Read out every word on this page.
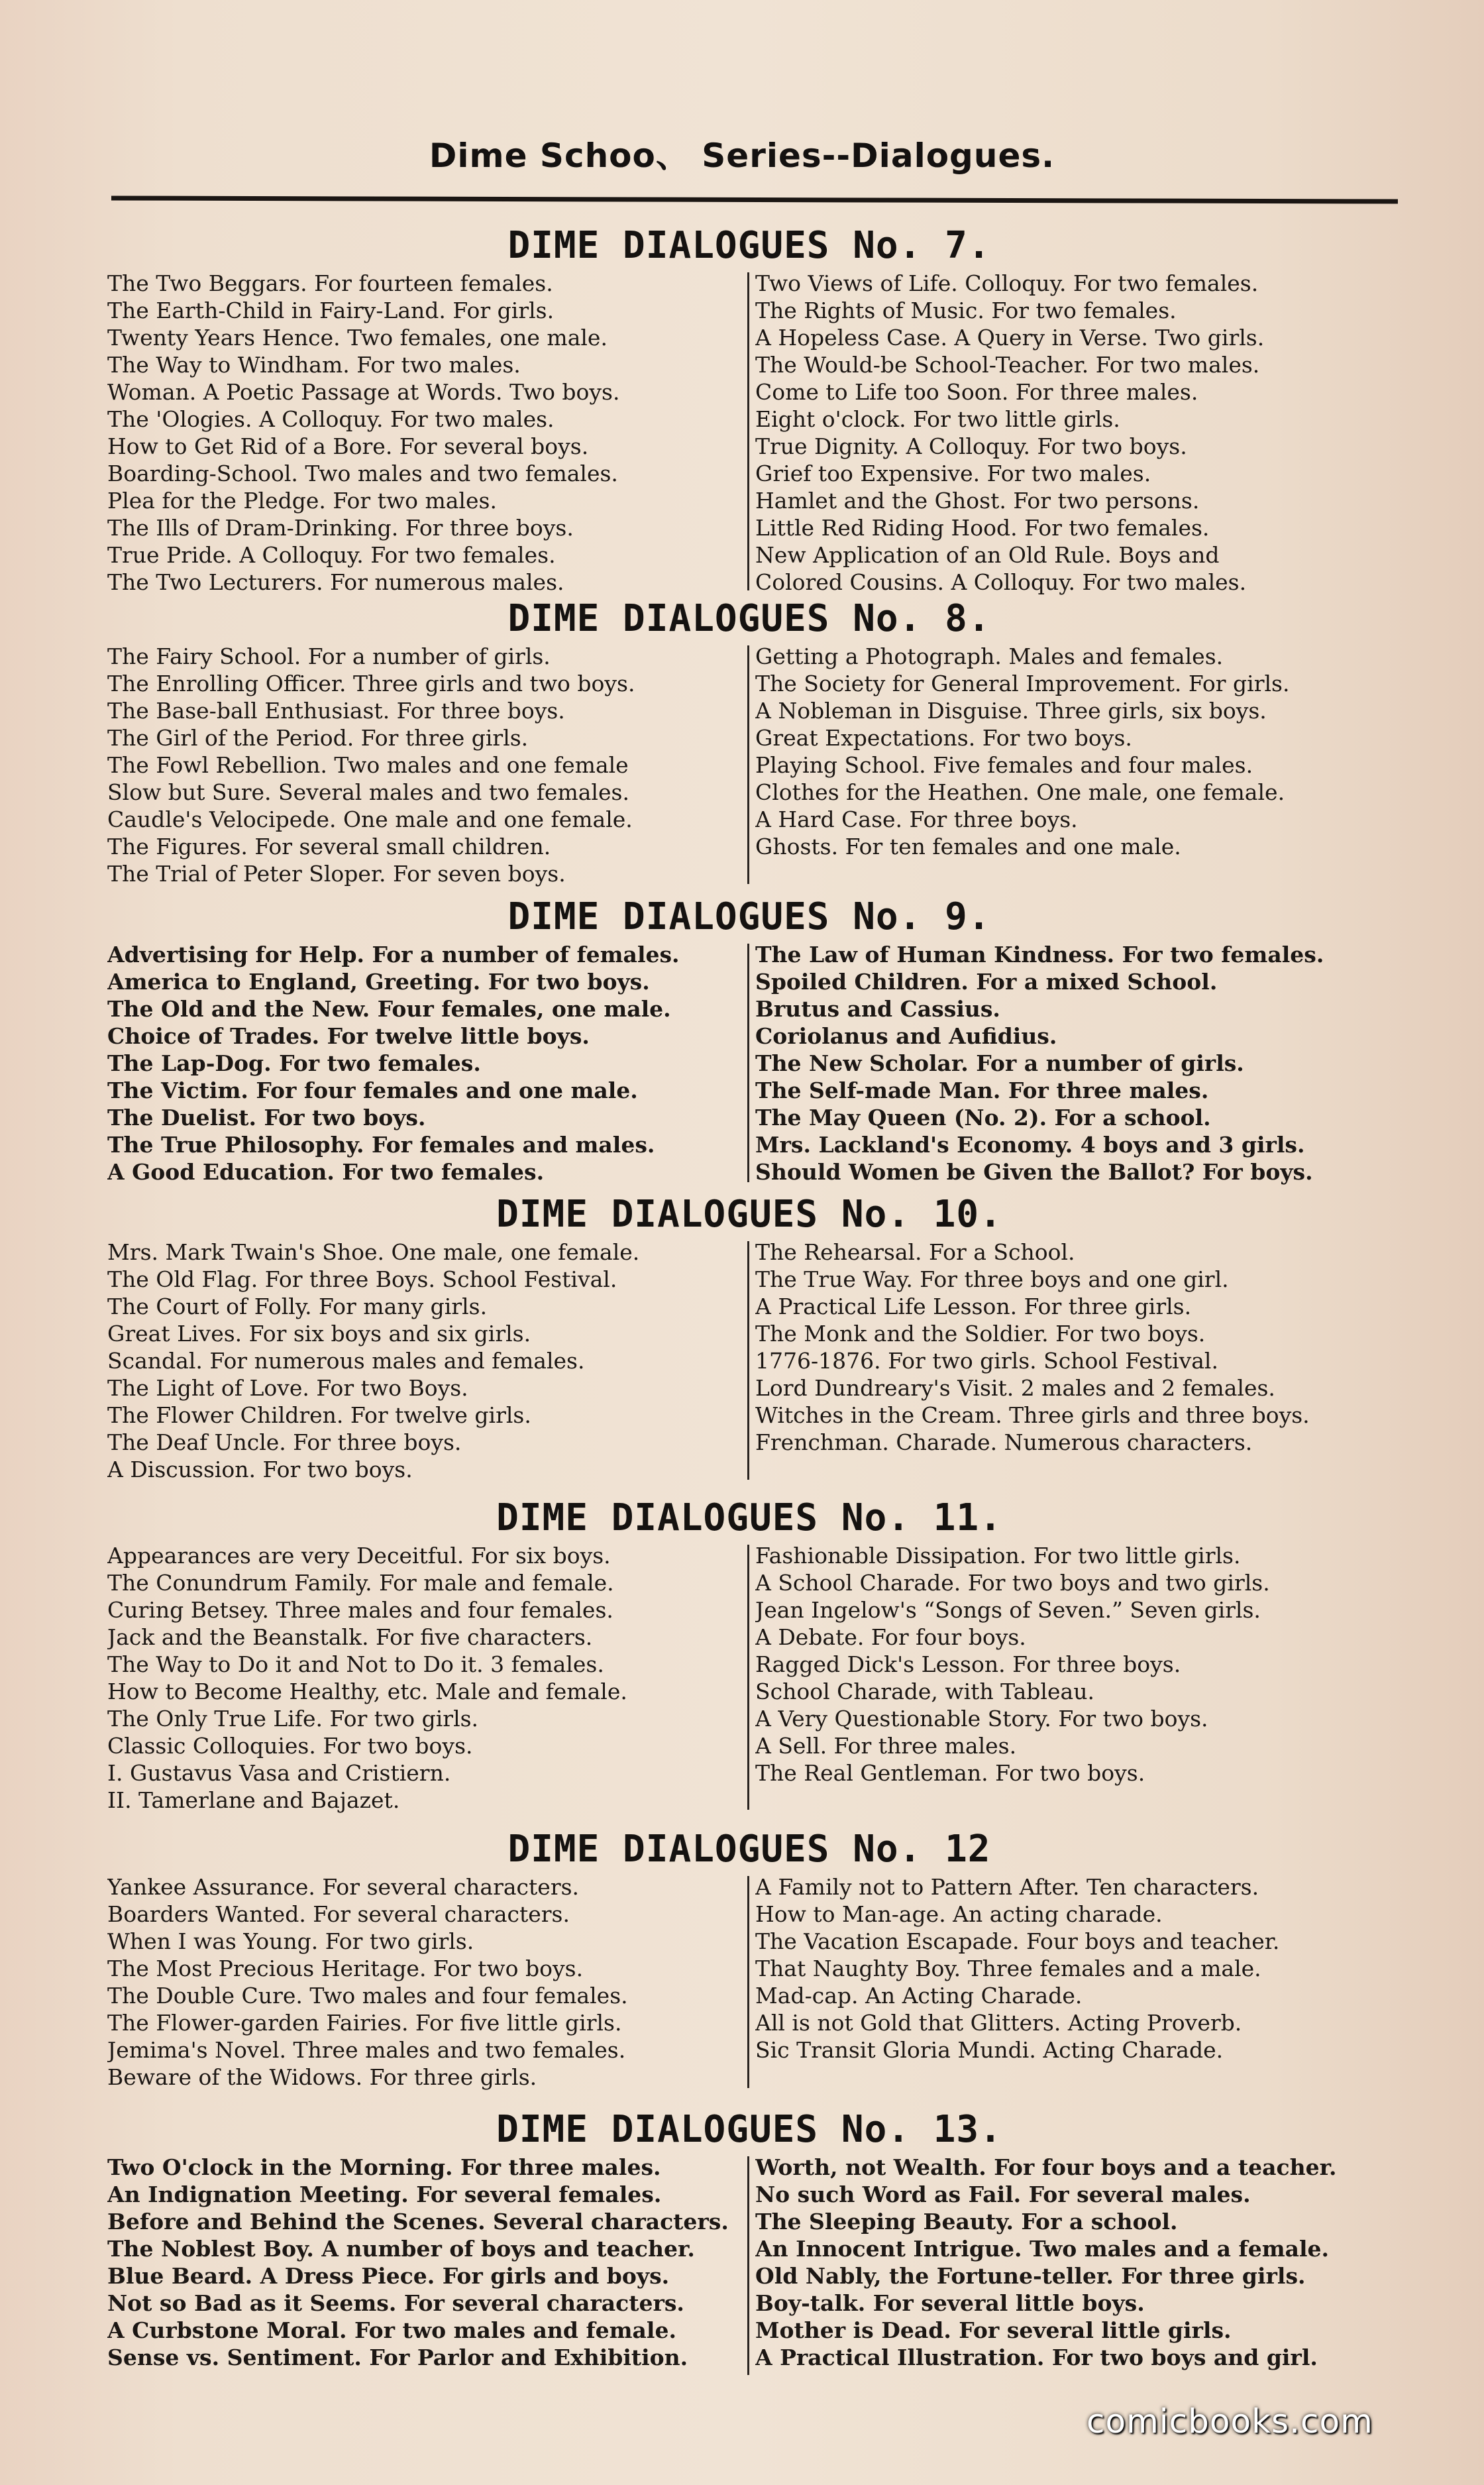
Dime Schoo、 Series--Dialogues.
DIME DIALOGUES No. 7.
The Two Beggars. For fourteen females.
The Earth-Child in Fairy-Land. For girls.
Twenty Years Hence. Two females, one male.
The Way to Windham. For two males.
Woman. A Poetic Passage at Words. Two boys.
The 'Ologies. A Colloquy. For two males.
How to Get Rid of a Bore. For several boys.
Boarding-School. Two males and two females.
Plea for the Pledge. For two males.
The Ills of Dram-Drinking. For three boys.
True Pride. A Colloquy. For two females.
The Two Lecturers. For numerous males.
Two Views of Life. Colloquy. For two females.
The Rights of Music. For two females.
A Hopeless Case. A Query in Verse. Two girls.
The Would-be School-Teacher. For two males.
Come to Life too Soon. For three males.
Eight o'clock. For two little girls.
True Dignity. A Colloquy. For two boys.
Grief too Expensive. For two males.
Hamlet and the Ghost. For two persons.
Little Red Riding Hood. For two females.
New Application of an Old Rule. Boys and
Colored Cousins. A Colloquy. For two males.
DIME DIALOGUES No. 8.
The Fairy School. For a number of girls.
The Enrolling Officer. Three girls and two boys.
The Base-ball Enthusiast. For three boys.
The Girl of the Period. For three girls.
The Fowl Rebellion. Two males and one female
Slow but Sure. Several males and two females.
Caudle's Velocipede. One male and one female.
The Figures. For several small children.
The Trial of Peter Sloper. For seven boys.
Getting a Photograph. Males and females.
The Society for General Improvement. For girls.
A Nobleman in Disguise. Three girls, six boys.
Great Expectations. For two boys.
Playing School. Five females and four males.
Clothes for the Heathen. One male, one female.
A Hard Case. For three boys.
Ghosts. For ten females and one male.
DIME DIALOGUES No. 9.
Advertising for Help. For a number of females.
America to England, Greeting. For two boys.
The Old and the New. Four females, one male.
Choice of Trades. For twelve little boys.
The Lap-Dog. For two females.
The Victim. For four females and one male.
The Duelist. For two boys.
The True Philosophy. For females and males.
A Good Education. For two females.
The Law of Human Kindness. For two females.
Spoiled Children. For a mixed School.
Brutus and Cassius.
Coriolanus and Aufidius.
The New Scholar. For a number of girls.
The Self-made Man. For three males.
The May Queen (No. 2). For a school.
Mrs. Lackland's Economy. 4 boys and 3 girls.
Should Women be Given the Ballot? For boys.
DIME DIALOGUES No. 10.
Mrs. Mark Twain's Shoe. One male, one female.
The Old Flag. For three Boys. School Festival.
The Court of Folly. For many girls.
Great Lives. For six boys and six girls.
Scandal. For numerous males and females.
The Light of Love. For two Boys.
The Flower Children. For twelve girls.
The Deaf Uncle. For three boys.
A Discussion. For two boys.
The Rehearsal. For a School.
The True Way. For three boys and one girl.
A Practical Life Lesson. For three girls.
The Monk and the Soldier. For two boys.
1776-1876. For two girls. School Festival.
Lord Dundreary's Visit. 2 males and 2 females.
Witches in the Cream. Three girls and three boys.
Frenchman. Charade. Numerous characters.
DIME DIALOGUES No. 11.
Appearances are very Deceitful. For six boys.
The Conundrum Family. For male and female.
Curing Betsey. Three males and four females.
Jack and the Beanstalk. For five characters.
The Way to Do it and Not to Do it. 3 females.
How to Become Healthy, etc. Male and female.
The Only True Life. For two girls.
Classic Colloquies. For two boys.
I. Gustavus Vasa and Cristiern.
II. Tamerlane and Bajazet.
Fashionable Dissipation. For two little girls.
A School Charade. For two boys and two girls.
Jean Ingelow's “Songs of Seven.” Seven girls.
A Debate. For four boys.
Ragged Dick's Lesson. For three boys.
School Charade, with Tableau.
A Very Questionable Story. For two boys.
A Sell. For three males.
The Real Gentleman. For two boys.
DIME DIALOGUES No. 12
Yankee Assurance. For several characters.
Boarders Wanted. For several characters.
When I was Young. For two girls.
The Most Precious Heritage. For two boys.
The Double Cure. Two males and four females.
The Flower-garden Fairies. For five little girls.
Jemima's Novel. Three males and two females.
Beware of the Widows. For three girls.
A Family not to Pattern After. Ten characters.
How to Man-age. An acting charade.
The Vacation Escapade. Four boys and teacher.
That Naughty Boy. Three females and a male.
Mad-cap. An Acting Charade.
All is not Gold that Glitters. Acting Proverb.
Sic Transit Gloria Mundi. Acting Charade.
DIME DIALOGUES No. 13.
Two O'clock in the Morning. For three males.
An Indignation Meeting. For several females.
Before and Behind the Scenes. Several characters.
The Noblest Boy. A number of boys and teacher.
Blue Beard. A Dress Piece. For girls and boys.
Not so Bad as it Seems. For several characters.
A Curbstone Moral. For two males and female.
Sense vs. Sentiment. For Parlor and Exhibition.
Worth, not Wealth. For four boys and a teacher.
No such Word as Fail. For several males.
The Sleeping Beauty. For a school.
An Innocent Intrigue. Two males and a female.
Old Nably, the Fortune-teller. For three girls.
Boy-talk. For several little boys.
Mother is Dead. For several little girls.
A Practical Illustration. For two boys and girl.
comicbooks.com
